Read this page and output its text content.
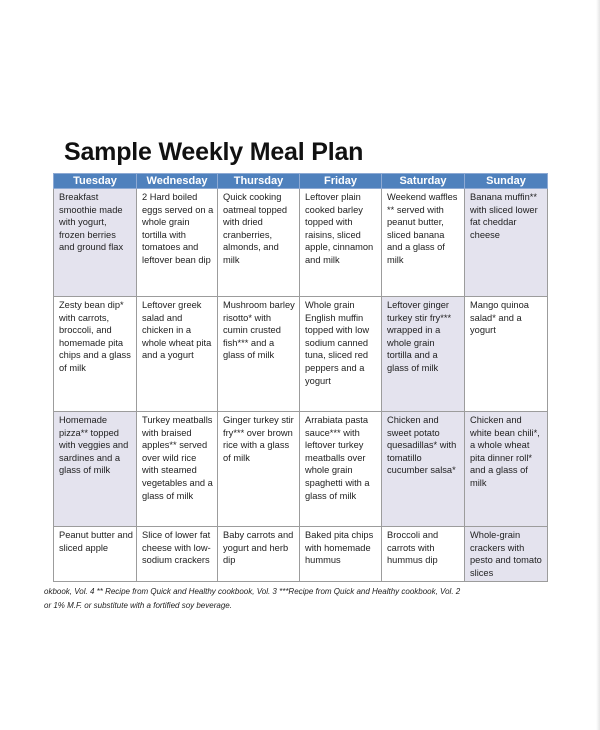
Sample Weekly Meal Plan
Tuesday	Wednesday	Thursday	Friday	Saturday	Sunday
Breakfast smoothie made with yogurt, frozen berries and ground flax	2 Hard boiled eggs served on a whole grain tortilla with tomatoes and leftover bean dip	Quick cooking oatmeal topped with dried cranberries, almonds, and milk	Leftover plain cooked barley topped with raisins, sliced apple, cinnamon and milk	Weekend waffles ** served with peanut butter, sliced banana and a glass of milk	Banana muffin** with sliced lower fat cheddar cheese
Zesty bean dip* with carrots, broccoli, and homemade pita chips and a glass of milk	Leftover greek salad and chicken in a whole wheat pita and a yogurt	Mushroom barley risotto* with cumin crusted fish*** and a glass of milk	Whole grain English muffin topped with low sodium canned tuna, sliced red peppers and a yogurt	Leftover ginger turkey stir fry*** wrapped in a whole grain tortilla and a glass of milk	Mango quinoa salad* and a yogurt
Homemade pizza** topped with veggies and sardines and a glass of milk	Turkey meatballs with braised apples** served over wild rice with steamed vegetables and a glass of milk	Ginger turkey stir fry*** over brown rice with a glass of milk	Arrabiata pasta sauce*** with leftover turkey meatballs over whole grain spaghetti with a glass of milk	Chicken and sweet potato quesadillas* with tomatillo cucumber salsa*	Chicken and white bean chili*, a whole wheat pita dinner roll* and a glass of milk
Peanut butter and sliced apple	Slice of lower fat cheese with low-sodium crackers	Baby carrots and yogurt and herb dip	Baked pita chips with homemade hummus	Broccoli and carrots with hummus dip	Whole-grain crackers with pesto and tomato slices
okbook, Vol. 4 ** Recipe from Quick and Healthy cookbook, Vol. 3 ***Recipe from Quick and Healthy cookbook, Vol. 2
or 1% M.F. or substitute with a fortified soy beverage.
